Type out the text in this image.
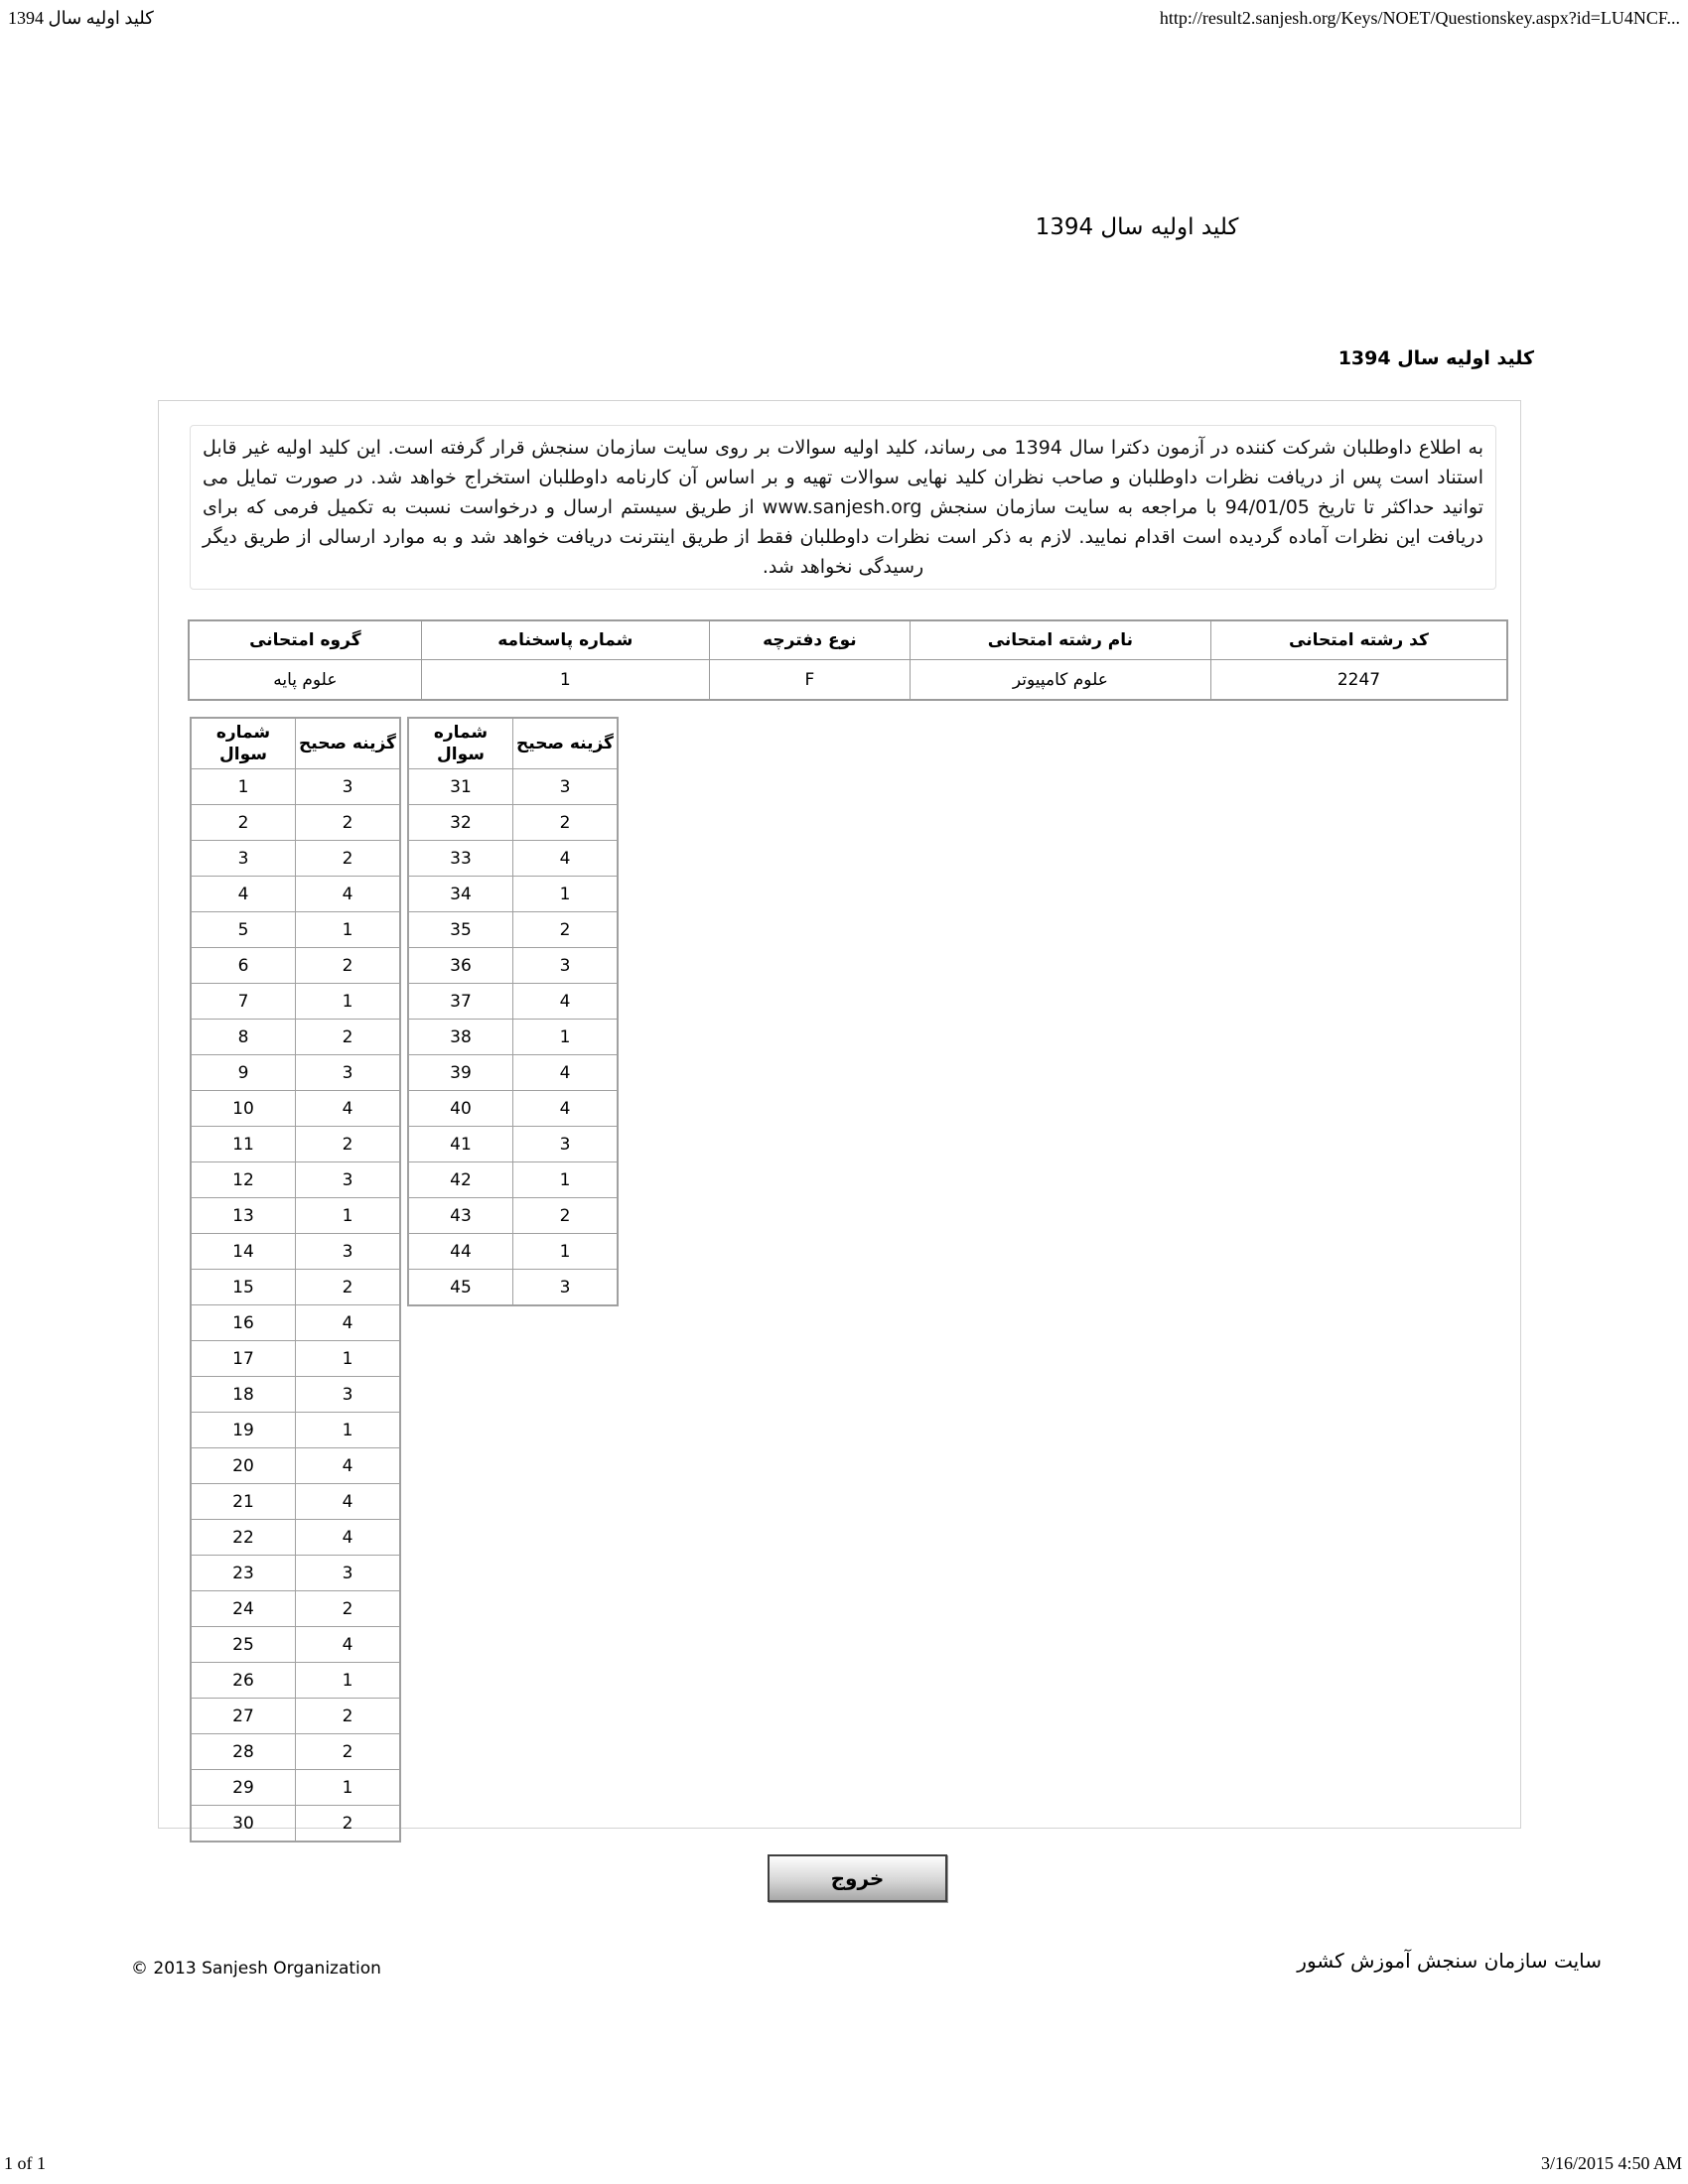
کلید اولیه سال 1394	http://result2.sanjesh.org/Keys/NOET/Questionskey.aspx?id=LU4NCF...
کلید اولیه سال 1394
کلید اولیه سال 1394
به اطلاع داوطلبان شرکت کننده در آزمون دکترا سال 1394 می رساند، کلید اولیه سوالات بر روی سایت سازمان سنجش قرار گرفته است. این کلید اولیه غیر قابل استناد است پس از دریافت نظرات داوطلبان و صاحب نظران کلید نهایی سوالات تهیه و بر اساس آن کارنامه داوطلبان استخراج خواهد شد. در صورت تمایل می توانید حداکثر تا تاریخ 94/01/05 با مراجعه به سایت سازمان سنجش www.sanjesh.org از طریق سیستم ارسال و درخواست نسبت به تکمیل فرمی که برای دریافت این نظرات آماده گردیده است اقدام نمایید. لازم به ذکر است نظرات داوطلبان فقط از طریق اینترنت دریافت خواهد شد و به موارد ارسالی از طریق دیگر رسیدگی نخواهد شد.
کد رشته امتحانی	نام رشته امتحانی	نوع دفترچه	شماره پاسخنامه	گروه امتحانی
2247	علوم کامپیوتر	F	1	علوم پایه
شماره سوال	گزینه صحیح
1	3
2	2
3	2
4	4
5	1
6	2
7	1
8	2
9	3
10	4
11	2
12	3
13	1
14	3
15	2
16	4
17	1
18	3
19	1
20	4
21	4
22	4
23	3
24	2
25	4
26	1
27	2
28	2
29	1
30	2
شماره سوال	گزینه صحیح
31	3
32	2
33	4
34	1
35	2
36	3
37	4
38	1
39	4
40	4
41	3
42	1
43	2
44	1
45	3
خروج
© 2013 Sanjesh Organization	سایت سازمان سنجش آموزش کشور
1 of 1	3/16/2015 4:50 AM
